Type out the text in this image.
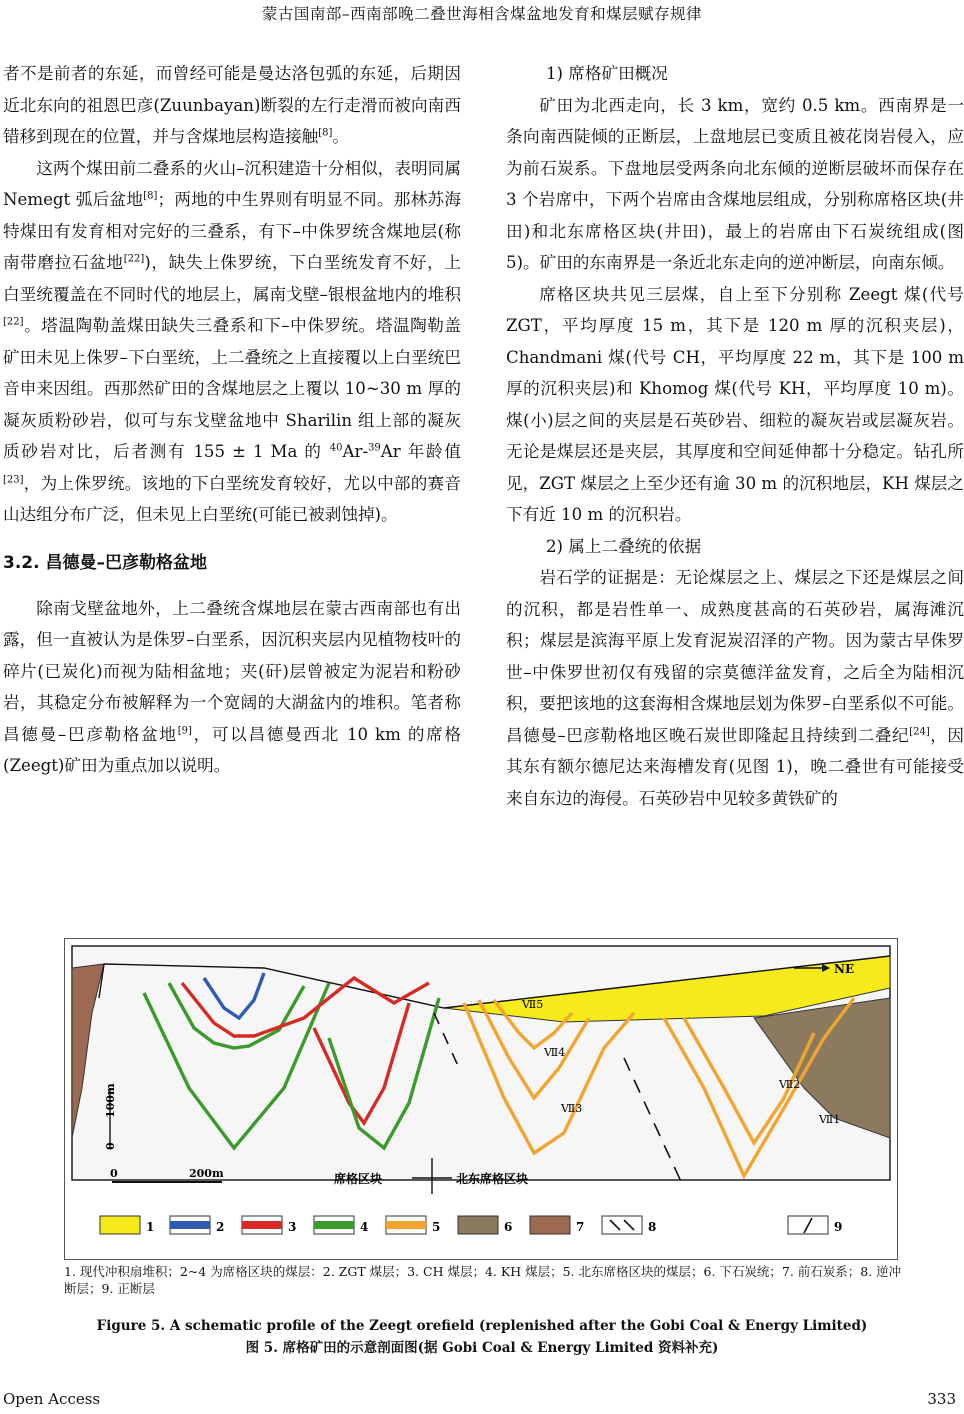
蒙古国南部–西南部晚二叠世海相含煤盆地发育和煤层赋存规律

者不是前者的东延，而曾经可能是曼达洛包弧的东延，后期因近北东向的祖恩巴彦(Zuunbayan)断裂的左行走滑而被向南西错移到现在的位置，并与含煤地层构造接触[8]。

这两个煤田前二叠系的火山–沉积建造十分相似，表明同属 Nemegt 弧后盆地[8]；两地的中生界则有明显不同。那林苏海特煤田有发育相对完好的三叠系，有下–中侏罗统含煤地层(称南带磨拉石盆地[22])，缺失上侏罗统，下白垩统发育不好，上白垩统覆盖在不同时代的地层上，属南戈壁–银根盆地内的堆积[22]。塔温陶勒盖煤田缺失三叠系和下–中侏罗统。塔温陶勒盖矿田未见上侏罗–下白垩统，上二叠统之上直接覆以上白垩统巴音申来因组。西那然矿田的含煤地层之上覆以 10~30 m 厚的凝灰质粉砂岩，似可与东戈壁盆地中 Sharilin 组上部的凝灰质砂岩对比，后者测有 155 ± 1 Ma 的 $^{40}$Ar-$^{39}$Ar 年龄值[23]，为上侏罗统。该地的下白垩统发育较好，尤以中部的赛音山达组分布广泛，但未见上白垩统(可能已被剥蚀掉)。

3.2. 昌德曼–巴彦勒格盆地

除南戈壁盆地外，上二叠统含煤地层在蒙古西南部也有出露，但一直被认为是侏罗–白垩系，因沉积夹层内见植物枝叶的碎片(已炭化)而视为陆相盆地；夹(矸)层曾被定为泥岩和粉砂岩，其稳定分布被解释为一个宽阔的大湖盆内的堆积。笔者称昌德曼–巴彦勒格盆地[9]，可以昌德曼西北 10 km 的席格(Zeegt)矿田为重点加以说明。

1) 席格矿田概况

矿田为北西走向，长 3 km，宽约 0.5 km。西南界是一条向南西陡倾的正断层，上盘地层已变质且被花岗岩侵入，应为前石炭系。下盘地层受两条向北东倾的逆断层破坏而保存在 3 个岩席中，下两个岩席由含煤地层组成，分别称席格区块(井田)和北东席格区块(井田)，最上的岩席由下石炭统组成(图 5)。矿田的东南界是一条近北东走向的逆冲断层，向南东倾。

席格区块共见三层煤，自上至下分别称 Zeegt 煤(代号 ZGT，平均厚度 15 m，其下是 120 m 厚的沉积夹层)，Chandmani 煤(代号 CH，平均厚度 22 m，其下是 100 m 厚的沉积夹层)和 Khomog 煤(代号 KH，平均厚度 10 m)。煤(小)层之间的夹层是石英砂岩、细粒的凝灰岩或层凝灰岩。无论是煤层还是夹层，其厚度和空间延伸都十分稳定。钻孔所见，ZGT 煤层之上至少还有逾 30 m 的沉积地层，KH 煤层之下有近 10 m 的沉积岩。

2) 属上二叠统的依据

岩石学的证据是：无论煤层之上、煤层之下还是煤层之间的沉积，都是岩性单一、成熟度甚高的石英砂岩，属海滩沉积；煤层是滨海平原上发育泥炭沼泽的产物。因为蒙古早侏罗世–中侏罗世初仅有残留的宗莫德洋盆发育，之后全为陆相沉积，要把该地的这套海相含煤地层划为侏罗–白垩系似不可能。昌德曼–巴彦勒格地区晚石炭世即隆起且持续到二叠纪[24]，因其东有额尔德尼达来海槽发育(见图 1)，晚二叠世有可能接受来自东边的海侵。石英砂岩中见较多黄铁矿的

NE
Ⅶ5
Ⅶ4
Ⅶ3
Ⅶ2
Ⅶ1
100m
0
0	200m	席格区块	北东席格区块
1	2	3	4	5	6	7	8	9
1. 现代冲积扇堆积；2~4 为席格区块的煤层：2. ZGT 煤层；3. CH 煤层；4. KH 煤层；5. 北东席格区块的煤层；6. 下石炭统；7. 前石炭系；8. 逆冲断层；9. 正断层
Figure 5. A schematic profile of the Zeegt orefield (replenished after the Gobi Coal & Energy Limited)
图 5. 席格矿田的示意剖面图(据 Gobi Coal & Energy Limited 资料补充)
Open Access	333
